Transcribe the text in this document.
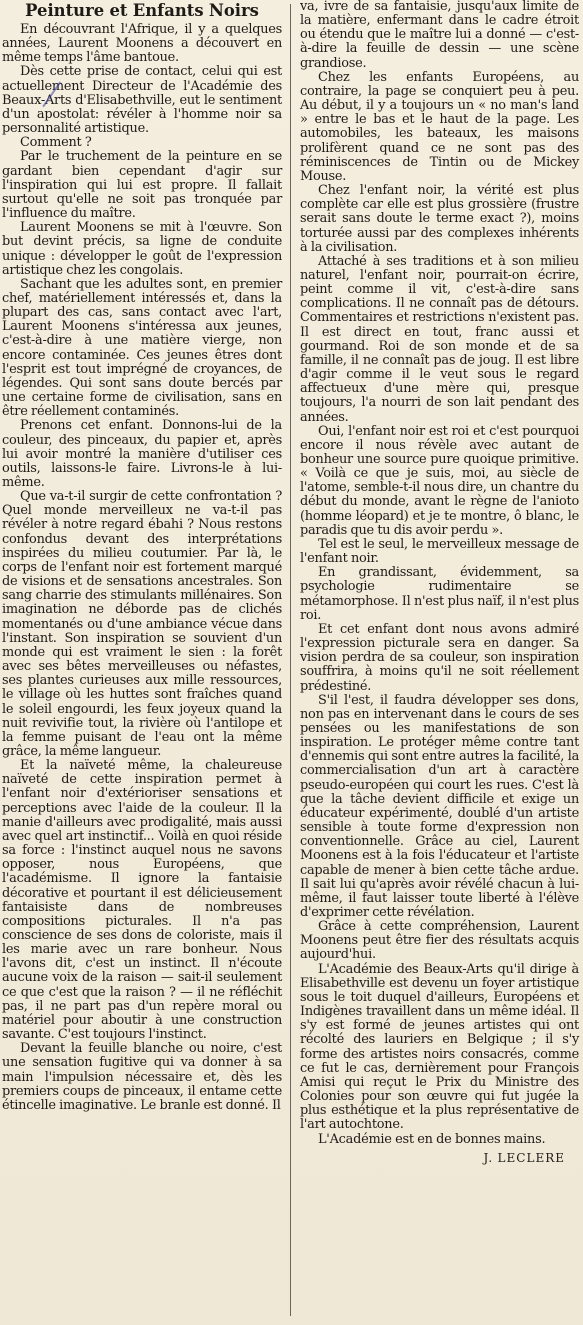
Peinture et Enfants Noirs

En découvrant l'Afrique, il y a quelques années, Laurent Moonens a découvert en même temps l'âme bantoue.

Dès cette prise de contact, celui qui est actuellement Directeur de l'Académie des Beaux-Arts d'Elisabethville, eut le sentiment d'un apostolat: révéler à l'homme noir sa personnalité artistique.

Comment ?

Par le truchement de la peinture en se gardant bien cependant d'agir sur l'inspiration qui lui est propre. Il fallait surtout qu'elle ne soit pas tronquée par l'influence du maître.

Laurent Moonens se mit à l'œuvre. Son but devint précis, sa ligne de conduite unique : développer le goût de l'expression artistique chez les congolais.

Sachant que les adultes sont, en premier chef, matériellement intéressés et, dans la plupart des cas, sans contact avec l'art, Laurent Moonens s'intéressa aux jeunes, c'est-à-dire à une matière vierge, non encore contaminée. Ces jeunes êtres dont l'esprit est tout imprégné de croyances, de légendes. Qui sont sans doute bercés par une certaine forme de civilisation, sans en être réellement contaminés.

Prenons cet enfant. Donnons-lui de la couleur, des pinceaux, du papier et, après lui avoir montré la manière d'utiliser ces outils, laissons-le faire. Livrons-le à lui-même.

Que va-t-il surgir de cette confrontation ? Quel monde merveilleux ne va-t-il pas révéler à notre regard ébahi ? Nous restons confondus devant des interprétations inspirées du milieu coutumier. Par là, le corps de l'enfant noir est fortement marqué de visions et de sensations ancestrales. Son sang charrie des stimulants millénaires. Son imagination ne déborde pas de clichés momentanés ou d'une ambiance vécue dans l'instant. Son inspiration se souvient d'un monde qui est vraiment le sien : la forêt avec ses bêtes merveilleuses ou néfastes, ses plantes curieuses aux mille ressources, le village où les huttes sont fraîches quand le soleil engourdi, les feux joyeux quand la nuit revivifie tout, la rivière où l'antilope et la femme puisant de l'eau ont la même grâce, la même langueur.

Et la naïveté même, la chaleureuse naïveté de cette inspiration permet à l'enfant noir d'extérioriser sensations et perceptions avec l'aide de la couleur. Il la manie d'ailleurs avec prodigalité, mais aussi avec quel art instinctif... Voilà en quoi réside sa force : l'instinct auquel nous ne savons opposer, nous Européens, que l'académisme. Il ignore la fantaisie décorative et pourtant il est délicieusement fantaisiste dans de nombreuses compositions picturales. Il n'a pas conscience de ses dons de coloriste, mais il les marie avec un rare bonheur. Nous l'avons dit, c'est un instinct. Il n'écoute aucune voix de la raison — sait-il seulement ce que c'est que la raison ? — il ne réfléchit pas, il ne part pas d'un repère moral ou matériel pour aboutir à une construction savante. C'est toujours l'instinct.

Devant la feuille blanche ou noire, c'est une sensation fugitive qui va donner à sa main l'impulsion nécessaire et, dès les premiers coups de pinceaux, il entame cette étincelle imaginative. Le branle est donné. Il

va, ivre de sa fantaisie, jusqu'aux limite de la matière, enfermant dans le cadre étroit ou étendu que le maître lui a donné — c'est-à-dire la feuille de dessin — une scène grandiose.

Chez les enfants Européens, au contraire, la page se conquiert peu à peu. Au début, il y a toujours un « no man's land » entre le bas et le haut de la page. Les automobiles, les bateaux, les maisons prolifèrent quand ce ne sont pas des réminiscences de Tintin ou de Mickey Mouse.

Chez l'enfant noir, la vérité est plus complète car elle est plus grossière (frustre serait sans doute le terme exact ?), moins torturée aussi par des complexes inhérents à la civilisation.

Attaché à ses traditions et à son milieu naturel, l'enfant noir, pourrait-on écrire, peint comme il vit, c'est-à-dire sans complications. Il ne connaît pas de détours. Commentaires et restrictions n'existent pas. Il est direct en tout, franc aussi et gourmand. Roi de son monde et de sa famille, il ne connaît pas de joug. Il est libre d'agir comme il le veut sous le regard affectueux d'une mère qui, presque toujours, l'a nourri de son lait pendant des années.

Oui, l'enfant noir est roi et c'est pourquoi encore il nous révèle avec autant de bonheur une source pure quoique primitive. « Voilà ce que je suis, moi, au siècle de l'atome, semble-t-il nous dire, un chantre du début du monde, avant le règne de l'anioto (homme léopard) et je te montre, ô blanc, le paradis que tu dis avoir perdu ».

Tel est le seul, le merveilleux message de l'enfant noir.

En grandissant, évidemment, sa psychologie rudimentaire se métamorphose. Il n'est plus naïf, il n'est plus roi.

Et cet enfant dont nous avons admiré l'expression picturale sera en danger. Sa vision perdra de sa couleur, son inspiration souffrira, à moins qu'il ne soit réellement prédestiné.

S'il l'est, il faudra développer ses dons, non pas en intervenant dans le cours de ses pensées ou les manifestations de son inspiration. Le protéger même contre tant d'ennemis qui sont entre autres la facilité, la commercialisation d'un art à caractère pseudo-européen qui court les rues. C'est là que la tâche devient difficile et exige un éducateur expérimenté, doublé d'un artiste sensible à toute forme d'expression non conventionnelle. Grâce au ciel, Laurent Moonens est à la fois l'éducateur et l'artiste capable de mener à bien cette tâche ardue. Il sait lui qu'après avoir révélé chacun à lui-même, il faut laisser toute liberté à l'élève d'exprimer cette révélation.

Grâce à cette compréhension, Laurent Moonens peut être fier des résultats acquis aujourd'hui.

L'Académie des Beaux-Arts qu'il dirige à Elisabethville est devenu un foyer artistique sous le toit duquel d'ailleurs, Européens et Indigènes travaillent dans un même idéal. Il s'y est formé de jeunes artistes qui ont récolté des lauriers en Belgique ; il s'y forme des artistes noirs consacrés, comme ce fut le cas, dernièrement pour François Amisi qui reçut le Prix du Ministre des Colonies pour son œuvre qui fut jugée la plus esthétique et la plus représentative de l'art autochtone.

L'Académie est en de bonnes mains.

J. LECLERE
